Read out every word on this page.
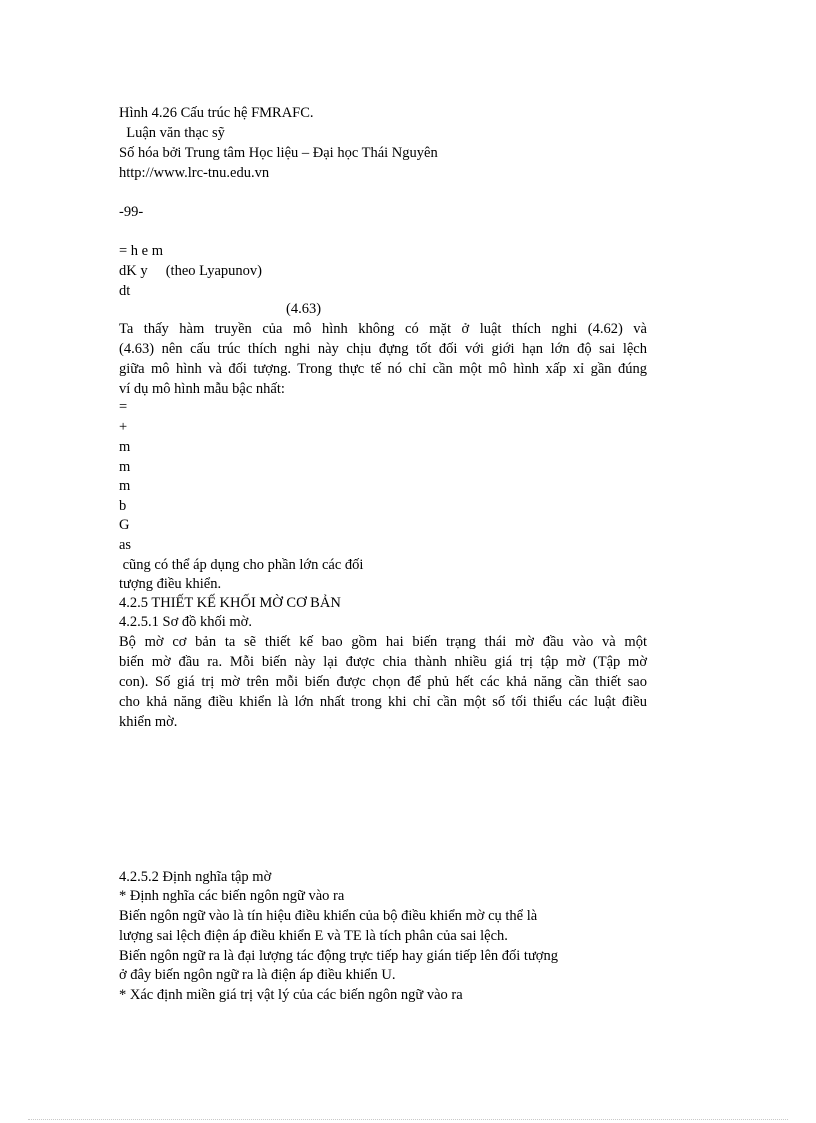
Hình 4.26 Cấu trúc hệ FMRAFC.
Luận văn thạc sỹ
Số hóa bởi Trung tâm Học liệu – Đại học Thái Nguyên
http://www.lrc-tnu.edu.vn
-99-
= h e m
dK y     (theo Lyapunov)
dt
(4.63)
Ta thấy hàm truyền của mô hình không có mặt ở luật thích nghi (4.62) và
(4.63) nên cấu trúc thích nghi này chịu đựng tốt đối với giới hạn lớn độ sai lệch
giữa mô hình và đối tượng. Trong thực tế nó chỉ cần một mô hình xấp xỉ gần đúng
ví dụ mô hình mẫu bậc nhất:
=
+
m
m
m
b
G
as
cũng có thể áp dụng cho phần lớn các đối
tượng điều khiển.
4.2.5 THIẾT KẾ KHỐI MỜ CƠ BẢN
4.2.5.1 Sơ đồ khối mờ.
Bộ mờ cơ bản ta sẽ thiết kế bao gồm hai biến trạng thái mờ đầu vào và một
biến mờ đầu ra. Mỗi biến này lại được chia thành nhiều giá trị tập mờ (Tập mờ
con). Số giá trị mờ trên mỗi biến được chọn để phủ hết các khả năng cần thiết sao
cho khả năng điều khiển là lớn nhất trong khi chỉ cần một số tối thiểu các luật điều
khiển mờ.
4.2.5.2 Định nghĩa tập mờ
* Định nghĩa các biến ngôn ngữ vào ra
Biến ngôn ngữ vào là tín hiệu điều khiển của bộ điều khiển mờ cụ thể là
lượng sai lệch điện áp điều khiển E và TE là tích phân của sai lệch.
Biến ngôn ngữ ra là đại lượng tác động trực tiếp hay gián tiếp lên đối tượng
ở đây biến ngôn ngữ ra là điện áp điều khiển U.
* Xác định miền giá trị vật lý của các biến ngôn ngữ vào ra
